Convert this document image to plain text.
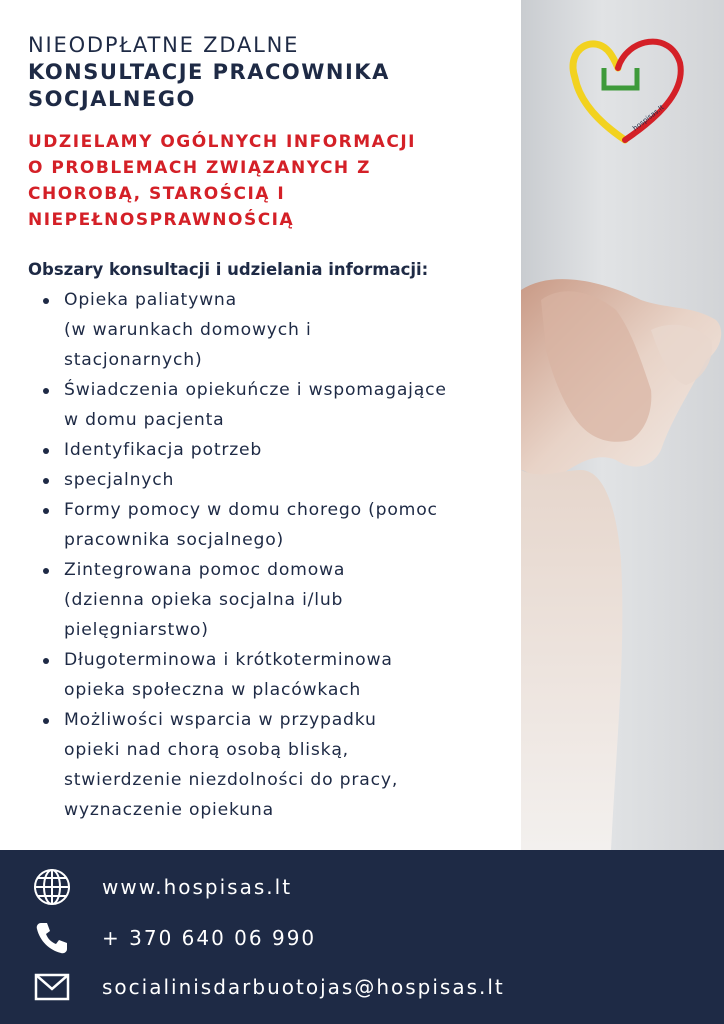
hospisas.lt
NIEODPŁATNE ZDALNE
KONSULTACJE PRACOWNIKA
SOCJALNEGO
UDZIELAMY OGÓLNYCH INFORMACJI
O PROBLEMACH ZWIĄZANYCH Z
CHOROBĄ, STAROŚCIĄ I
NIEPEŁNOSPRAWNOŚCIĄ
Obszary konsultacji i udzielania informacji:
Opieka paliatywna
(w warunkach domowych i
stacjonarnych)
Świadczenia opiekuńcze i wspomagające
w domu pacjenta
Identyfikacja potrzeb
specjalnych
Formy pomocy w domu chorego (pomoc
pracownika socjalnego)
Zintegrowana pomoc domowa
(dzienna opieka socjalna i/lub
pielęgniarstwo)
Długoterminowa i krótkoterminowa
opieka społeczna w placówkach
Możliwości wsparcia w przypadku
opieki nad chorą osobą bliską,
stwierdzenie niezdolności do pracy,
wyznaczenie opiekuna
www.hospisas.lt
+ 370 640 06 990
socialinisdarbuotojas@hospisas.lt
